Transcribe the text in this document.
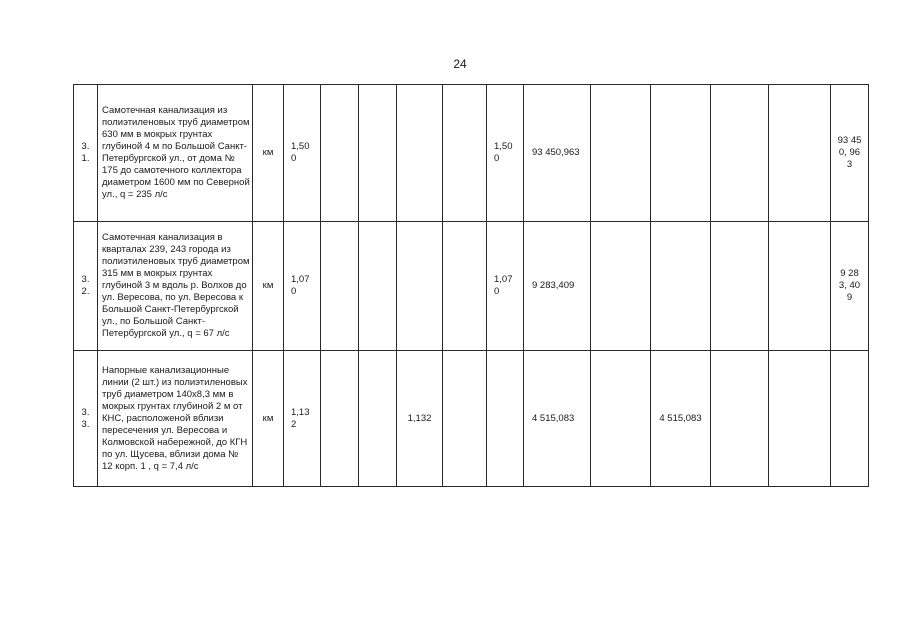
24
3. 1.	Самотечная канализация из полиэтиленовых труб диаметром 630 мм в мокрых грунтах глубиной 4 м по Большой Санкт-Петербургской ул., от дома № 175 до самотечного коллектора диаметром 1600 мм по Северной ул., q = 235 л/с	км	1,500					1,500	93 450,963					93 450, 963
3. 2.	Самотечная канализация в кварталах 239, 243 города из полиэтиленовых труб диаметром 315 мм в мокрых грунтах глубиной 3 м вдоль р. Волхов до ул. Вересова, по ул. Вересова к Большой Санкт-Петербургской ул., по Большой Санкт-Петербургской ул., q = 67 л/с	км	1,070					1,070	9 283,409					9 283, 409
3. 3.	Напорные канализационные линии (2 шт.) из полиэтиленовых труб диаметром 140х8,3 мм в мокрых грунтах глубиной 2 м от КНС, расположеной вблизи пересечения ул. Вересова и Колмовской набережной, до КГН по ул. Щусева, вблизи дома № 12 корп. 1 , q = 7,4 л/с	км	1,132			1,132			4 515,083		4 515,083			
